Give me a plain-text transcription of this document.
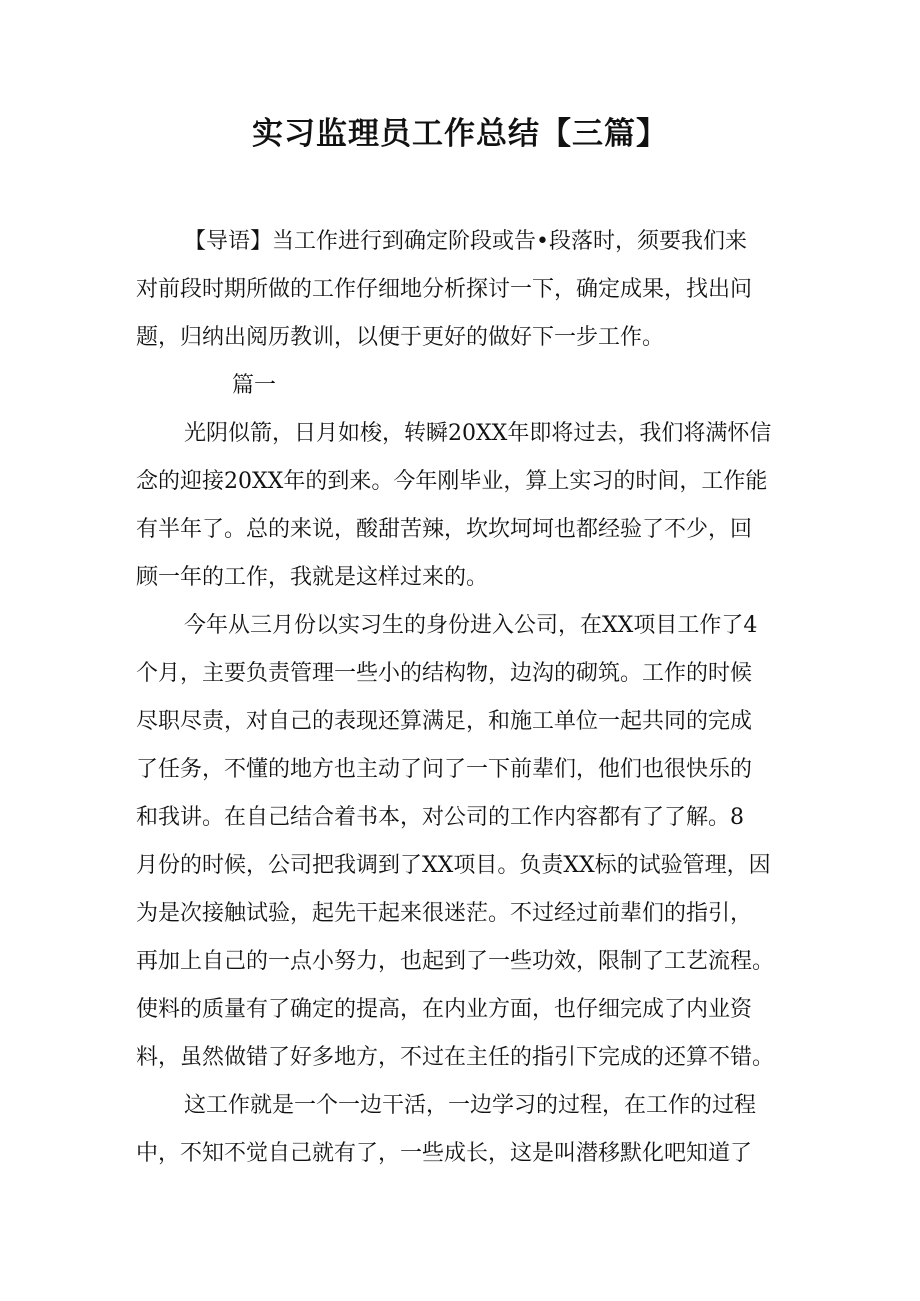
实习监理员工作总结【三篇】
【导语】当工作进行到确定阶段或告•段落时，须要我们来
对前段时期所做的工作仔细地分析探讨一下，确定成果，找出问
题，归纳出阅历教训，以便于更好的做好下一步工作。
篇一
光阴似箭，日月如梭，转瞬20XX年即将过去，我们将满怀信
念的迎接20XX年的到来。今年刚毕业，算上实习的时间，工作能
有半年了。总的来说，酸甜苦辣，坎坎坷坷也都经验了不少，回
顾一年的工作，我就是这样过来的。
今年从三月份以实习生的身份进入公司，在XX项目工作了4
个月，主要负责管理一些小的结构物，边沟的砌筑。工作的时候
尽职尽责，对自己的表现还算满足，和施工单位一起共同的完成
了任务，不懂的地方也主动了问了一下前辈们，他们也很快乐的
和我讲。在自己结合着书本，对公司的工作内容都有了了解。8
月份的时候，公司把我调到了XX项目。负责XX标的试验管理，因
为是次接触试验，起先干起来很迷茫。不过经过前辈们的指引，
再加上自己的一点小努力，也起到了一些功效，限制了工艺流程。
使料的质量有了确定的提高，在内业方面，也仔细完成了内业资
料，虽然做错了好多地方，不过在主任的指引下完成的还算不错。
这工作就是一个一边干活，一边学习的过程，在工作的过程
中，不知不觉自己就有了，一些成长，这是叫潜移默化吧知道了
